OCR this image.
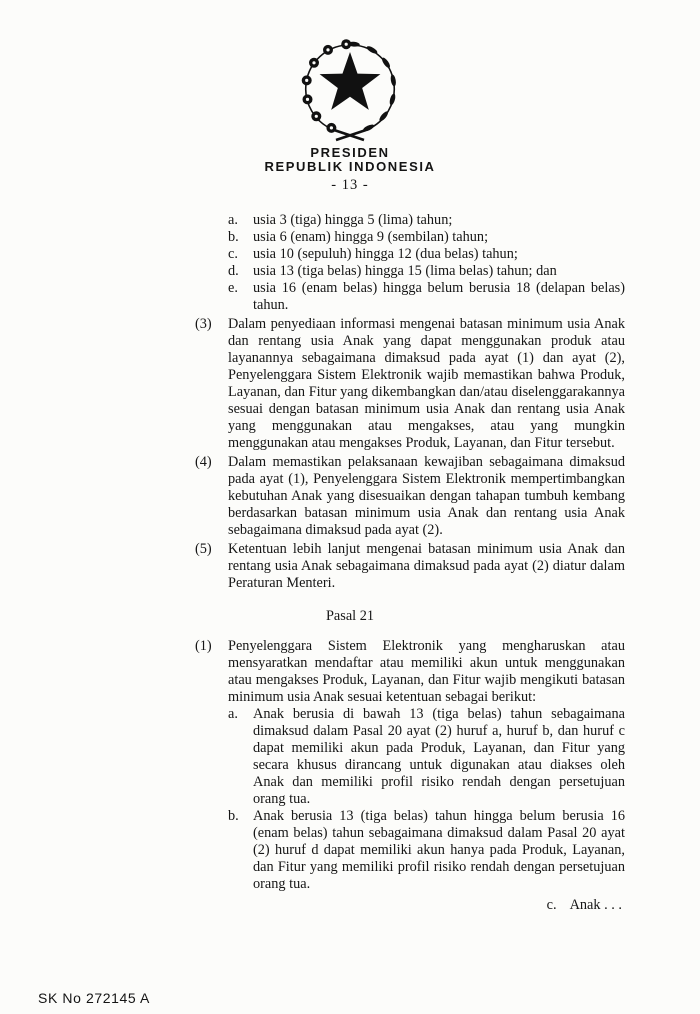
PRESIDEN
REPUBLIK INDONESIA
- 13 -
a.	usia 3 (tiga) hingga 5 (lima) tahun;
b. usia 6 (enam) hingga 9 (sembilan) tahun;
c.	usia 10 (sepuluh) hingga 12 (dua belas) tahun;
d. usia 13 (tiga belas) hingga 15 (lima belas) tahun; dan
e.	usia 16 (enam belas) hingga belum berusia 18 (delapan belas) tahun.
(3)	Dalam penyediaan informasi mengenai batasan minimum usia Anak dan rentang usia Anak yang dapat menggunakan produk atau layanannya sebagaimana dimaksud pada ayat (1) dan ayat (2), Penyelenggara Sistem Elektronik wajib memastikan bahwa Produk, Layanan, dan Fitur yang dikembangkan dan/atau diselenggarakannya sesuai dengan batasan minimum usia Anak dan rentang usia Anak yang menggunakan atau mengakses, atau yang mungkin menggunakan atau mengakses Produk, Layanan, dan Fitur tersebut.
(4)	Dalam memastikan pelaksanaan kewajiban sebagaimana dimaksud pada ayat (1), Penyelenggara Sistem Elektronik mempertimbangkan kebutuhan Anak yang disesuaikan dengan tahapan tumbuh kembang berdasarkan batasan minimum usia Anak dan rentang usia Anak sebagaimana dimaksud pada ayat (2).
(5)	Ketentuan lebih lanjut mengenai batasan minimum usia Anak dan rentang usia Anak sebagaimana dimaksud pada ayat (2) diatur dalam Peraturan Menteri.
Pasal 21
(1)	Penyelenggara Sistem Elektronik yang mengharuskan atau mensyaratkan mendaftar atau memiliki akun untuk menggunakan atau mengakses Produk, Layanan, dan Fitur wajib mengikuti batasan minimum usia Anak sesuai ketentuan sebagai berikut:
a.	Anak berusia di bawah 13 (tiga belas) tahun sebagaimana dimaksud dalam Pasal 20 ayat (2) huruf a, huruf b, dan huruf c dapat memiliki akun pada Produk, Layanan, dan Fitur yang secara khusus dirancang untuk digunakan atau diakses oleh Anak dan memiliki profil risiko rendah dengan persetujuan orang tua.
b. Anak berusia 13 (tiga belas) tahun hingga belum berusia 16 (enam belas) tahun sebagaimana dimaksud dalam Pasal 20 ayat (2) huruf d dapat memiliki akun hanya pada Produk, Layanan, dan Fitur yang memiliki profil risiko rendah dengan persetujuan orang tua.
c. Anak . . .
SK No 272145 A
